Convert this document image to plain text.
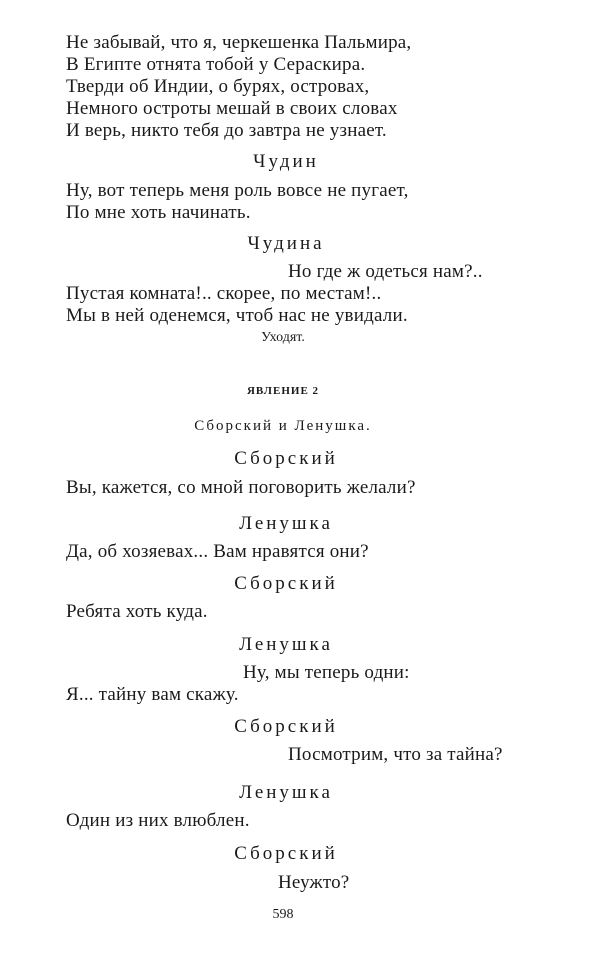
Не забывай, что я, черкешенка Пальмира,
В Египте отнята тобой у Сераскира.
Тверди об Индии, о бурях, островах,
Немного остроты мешай в своих словах
И верь, никто тебя до завтра не узнает.
Чудин
Ну, вот теперь меня роль вовсе не пугает,
По мне хоть начинать.
Чудина
Но где ж одеться нам?..
Пустая комната!.. скорее, по местам!..
Мы в ней оденемся, чтоб нас не увидали.
Уходят.
ЯВЛЕНИЕ 2
Сборский и Ленушка.
Сборский
Вы, кажется, со мной поговорить желали?
Ленушка
Да, об хозяевах... Вам нравятся они?
Сборский
Ребята хоть куда.
Ленушка
Ну, мы теперь одни:
Я... тайну вам скажу.
Сборский
Посмотрим, что за тайна?
Ленушка
Один из них влюблен.
Сборский
Неужто?
598
